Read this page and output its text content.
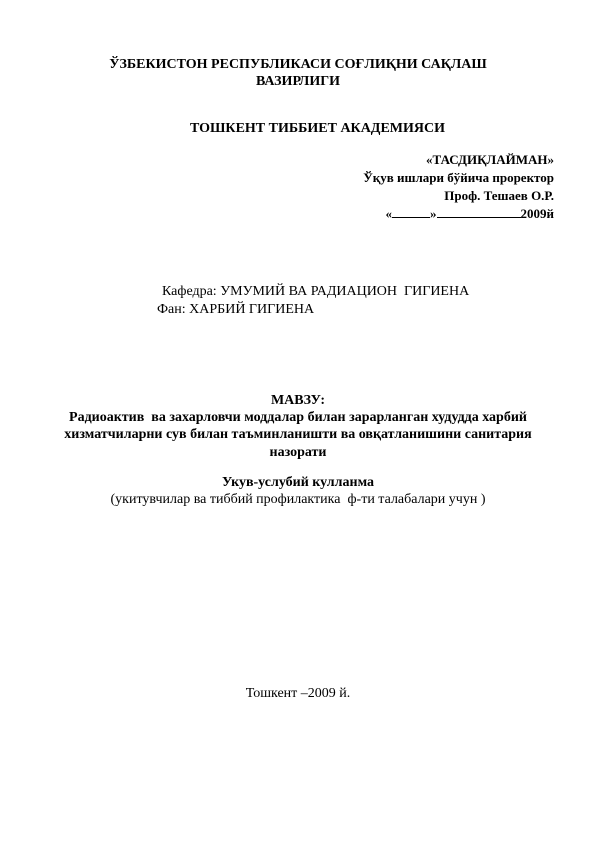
ЎЗБЕКИСТОН РЕСПУБЛИКАСИ СОҒЛИҚНИ САҚЛАШ
ВАЗИРЛИГИ
ТОШКЕНТ ТИББИЕТ АКАДЕМИЯСИ
«ТАСДИҚЛАЙМАН»
Ўқув ишлари бўйича проректор
Проф. Тешаев О.Р.
«	»	2009й
Кафедра: УМУМИЙ ВА РАДИАЦИОН  ГИГИЕНА
Фан: ХАРБИЙ ГИГИЕНА
МАВЗУ:
Радиоактив  ва захарловчи моддалар билан зарарланган худудда харбий
хизматчиларни сув билан таъминланишти ва овқатланишини санитария
назорати
Укув-услубий кулланма
(укитувчилар ва тиббий профилактика  ф-ти талабалари учун )
Тошкент –2009 й.
